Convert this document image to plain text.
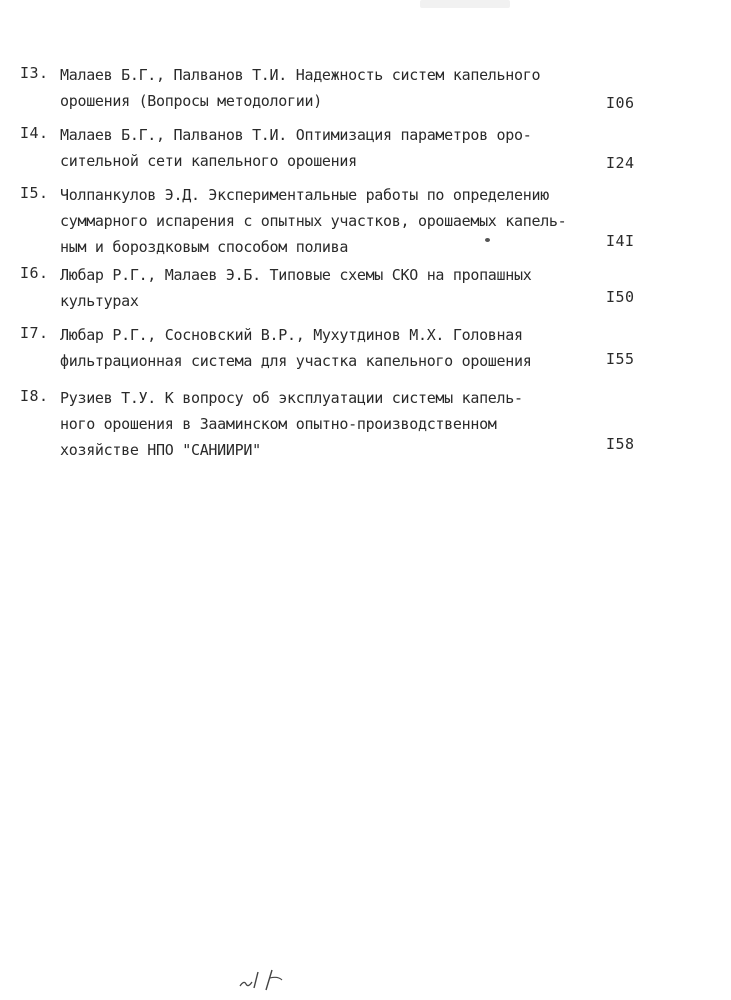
I3. Малаев Б.Г., Палванов Т.И. Надежность систем капельного
орошения (Вопросы методологии)	I06
I4. Малаев Б.Г., Палванов Т.И. Оптимизация параметров оро-
сительной сети капельного орошения	I24
I5. Чолпанкулов Э.Д. Экспериментальные работы по определению
суммарного испарения с опытных участков, орошаемых капель-
ным и бороздковым способом полива	I4I
I6. Любар Р.Г., Малаев Э.Б. Типовые схемы СКО на пропашных
культурах	I50
I7. Любар Р.Г., Сосновский В.Р., Мухутдинов М.Х. Головная
фильтрационная система для участка капельного орошения	I55
I8. Рузиев Т.У. К вопросу об эксплуатации системы капель-
ного орошения в Зааминском опытно-производственном
хозяйстве НПО "САНИИРИ"	I58
